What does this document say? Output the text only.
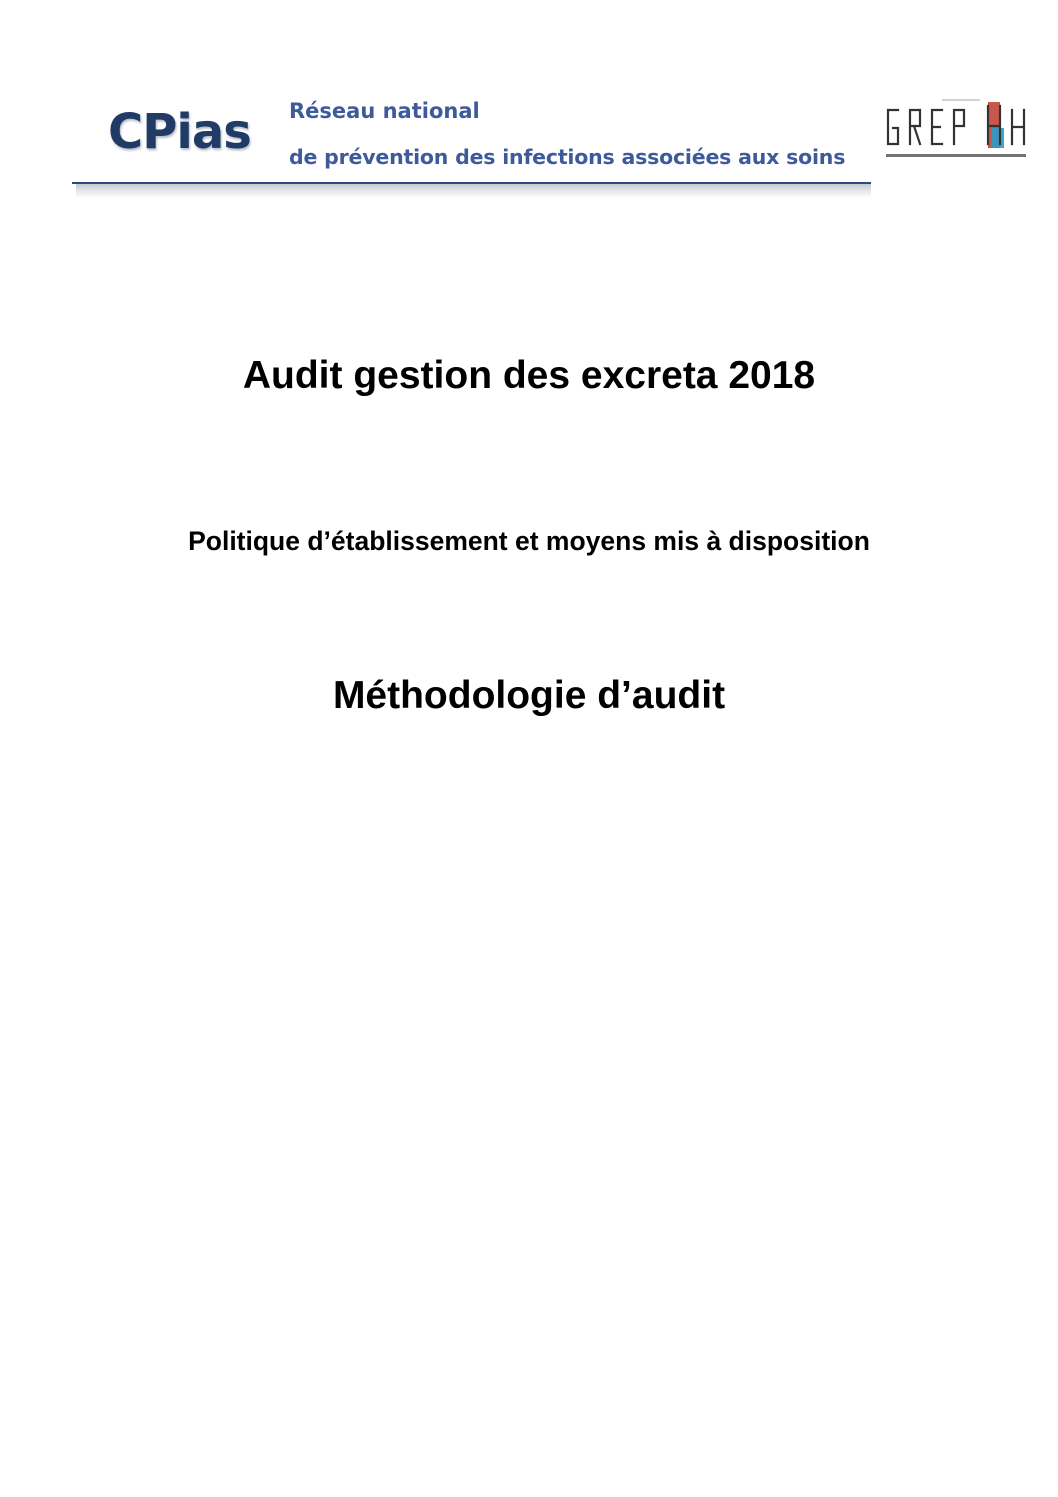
CPias Réseau national
de prévention des infections associées aux soins
Audit gestion des excreta 2018
Politique d’établissement et moyens mis à disposition
Méthodologie d’audit
